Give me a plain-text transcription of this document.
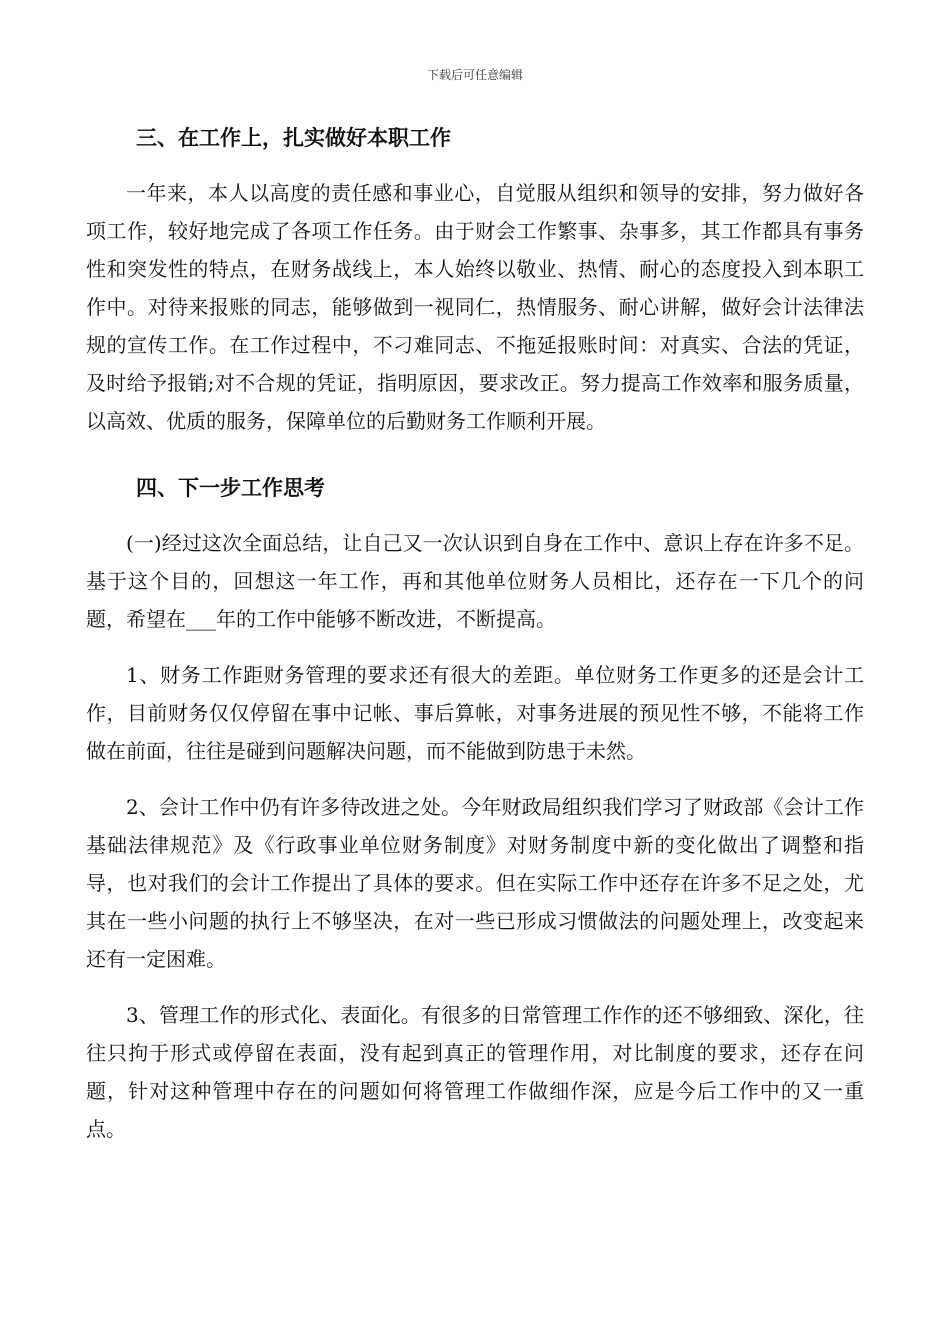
下载后可任意编辑
三、在工作上，扎实做好本职工作

一年来，本人以高度的责任感和事业心，自觉服从组织和领导的安排，努力做好各项工作，较好地完成了各项工作任务。由于财会工作繁事、杂事多，其工作都具有事务性和突发性的特点，在财务战线上，本人始终以敬业、热情、耐心的态度投入到本职工作中。对待来报账的同志，能够做到一视同仁，热情服务、耐心讲解，做好会计法律法规的宣传工作。在工作过程中，不刁难同志、不拖延报账时间：对真实、合法的凭证，及时给予报销;对不合规的凭证，指明原因，要求改正。努力提高工作效率和服务质量，以高效、优质的服务，保障单位的后勤财务工作顺利开展。

四、下一步工作思考

(一)经过这次全面总结，让自己又一次认识到自身在工作中、意识上存在许多不足。基于这个目的，回想这一年工作，再和其他单位财务人员相比，还存在一下几个的问题，希望在___年的工作中能够不断改进，不断提高。

1、财务工作距财务管理的要求还有很大的差距。单位财务工作更多的还是会计工作，目前财务仅仅停留在事中记帐、事后算帐，对事务进展的预见性不够，不能将工作做在前面，往往是碰到问题解决问题，而不能做到防患于未然。

2、会计工作中仍有许多待改进之处。今年财政局组织我们学习了财政部《会计工作基础法律规范》及《行政事业单位财务制度》对财务制度中新的变化做出了调整和指导，也对我们的会计工作提出了具体的要求。但在实际工作中还存在许多不足之处，尤其在一些小问题的执行上不够坚决，在对一些已形成习惯做法的问题处理上，改变起来还有一定困难。

3、管理工作的形式化、表面化。有很多的日常管理工作作的还不够细致、深化，往往只拘于形式或停留在表面，没有起到真正的管理作用，对比制度的要求，还存在问题，针对这种管理中存在的问题如何将管理工作做细作深，应是今后工作中的又一重点。
